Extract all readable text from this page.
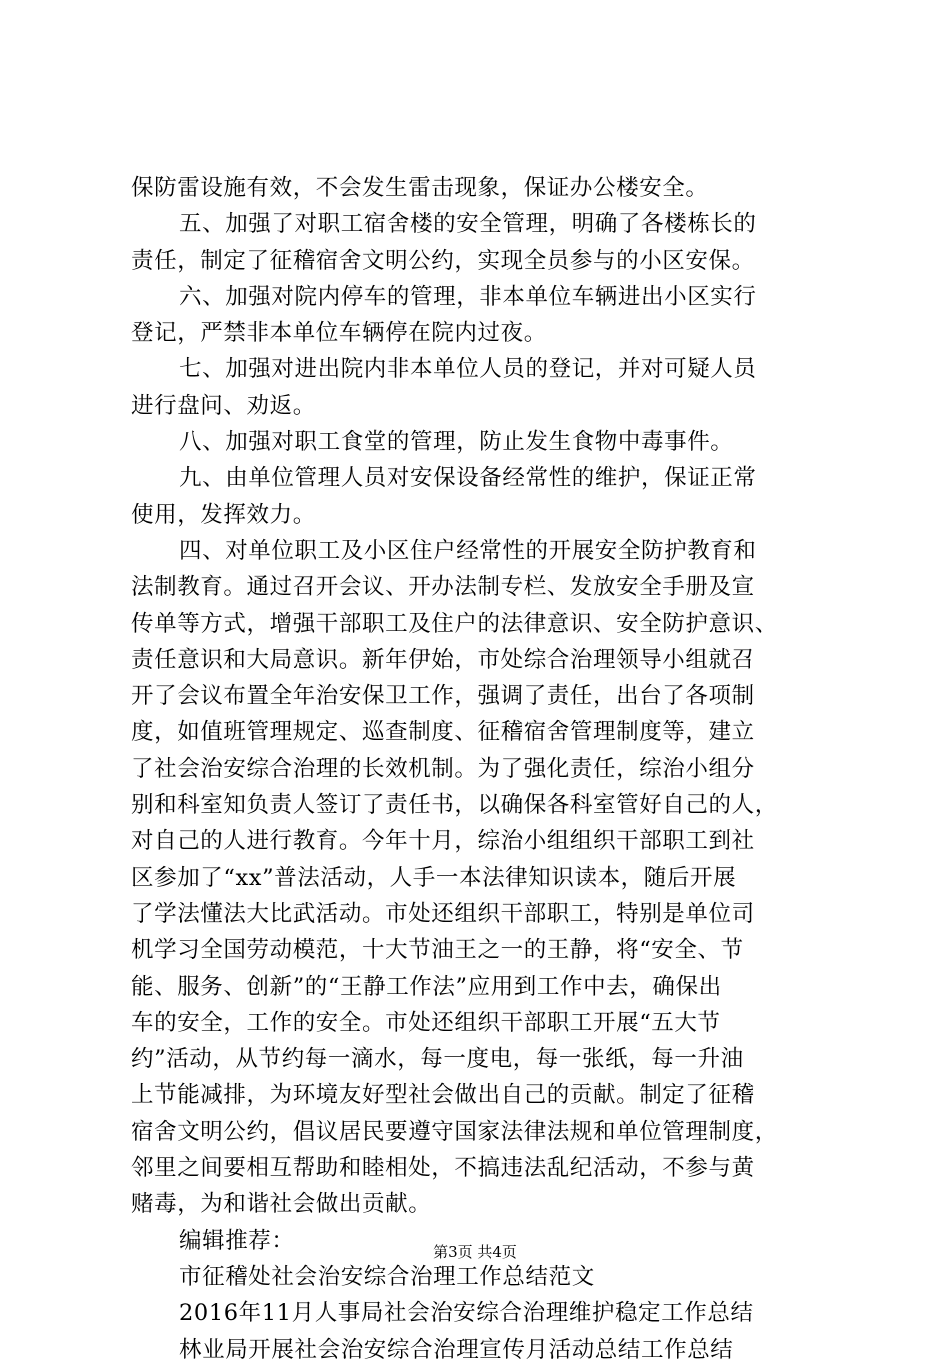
保防雷设施有效，不会发生雷击现象，保证办公楼安全。
五、加强了对职工宿舍楼的安全管理，明确了各楼栋长的
责任，制定了征稽宿舍文明公约，实现全员参与的小区安保。
六、加强对院内停车的管理，非本单位车辆进出小区实行
登记，严禁非本单位车辆停在院内过夜。
七、加强对进出院内非本单位人员的登记，并对可疑人员
进行盘问、劝返。
八、加强对职工食堂的管理，防止发生食物中毒事件。
九、由单位管理人员对安保设备经常性的维护，保证正常
使用，发挥效力。
四、对单位职工及小区住户经常性的开展安全防护教育和
法制教育。通过召开会议、开办法制专栏、发放安全手册及宣
传单等方式，增强干部职工及住户的法律意识、安全防护意识、
责任意识和大局意识。新年伊始，市处综合治理领导小组就召
开了会议布置全年治安保卫工作，强调了责任，出台了各项制
度，如值班管理规定、巡查制度、征稽宿舍管理制度等，建立
了社会治安综合治理的长效机制。为了强化责任，综治小组分
别和科室知负责人签订了责任书，以确保各科室管好自己的人，
对自己的人进行教育。今年十月，综治小组组织干部职工到社
区参加了“xx”普法活动，人手一本法律知识读本，随后开展
了学法懂法大比武活动。市处还组织干部职工，特别是单位司
机学习全国劳动模范，十大节油王之一的王静，将“安全、节
能、服务、创新”的“王静工作法”应用到工作中去，确保出
车的安全，工作的安全。市处还组织干部职工开展“五大节
约”活动，从节约每一滴水，每一度电，每一张纸，每一升油
上节能减排，为环境友好型社会做出自己的贡献。制定了征稽
宿舍文明公约，倡议居民要遵守国家法律法规和单位管理制度，
邻里之间要相互帮助和睦相处，不搞违法乱纪活动，不参与黄
赌毒，为和谐社会做出贡献。
编辑推荐：
市征稽处社会治安综合治理工作总结范文
2016年11月人事局社会治安综合治理维护稳定工作总结
林业局开展社会治安综合治理宣传月活动总结工作总结
第3页 共4页
